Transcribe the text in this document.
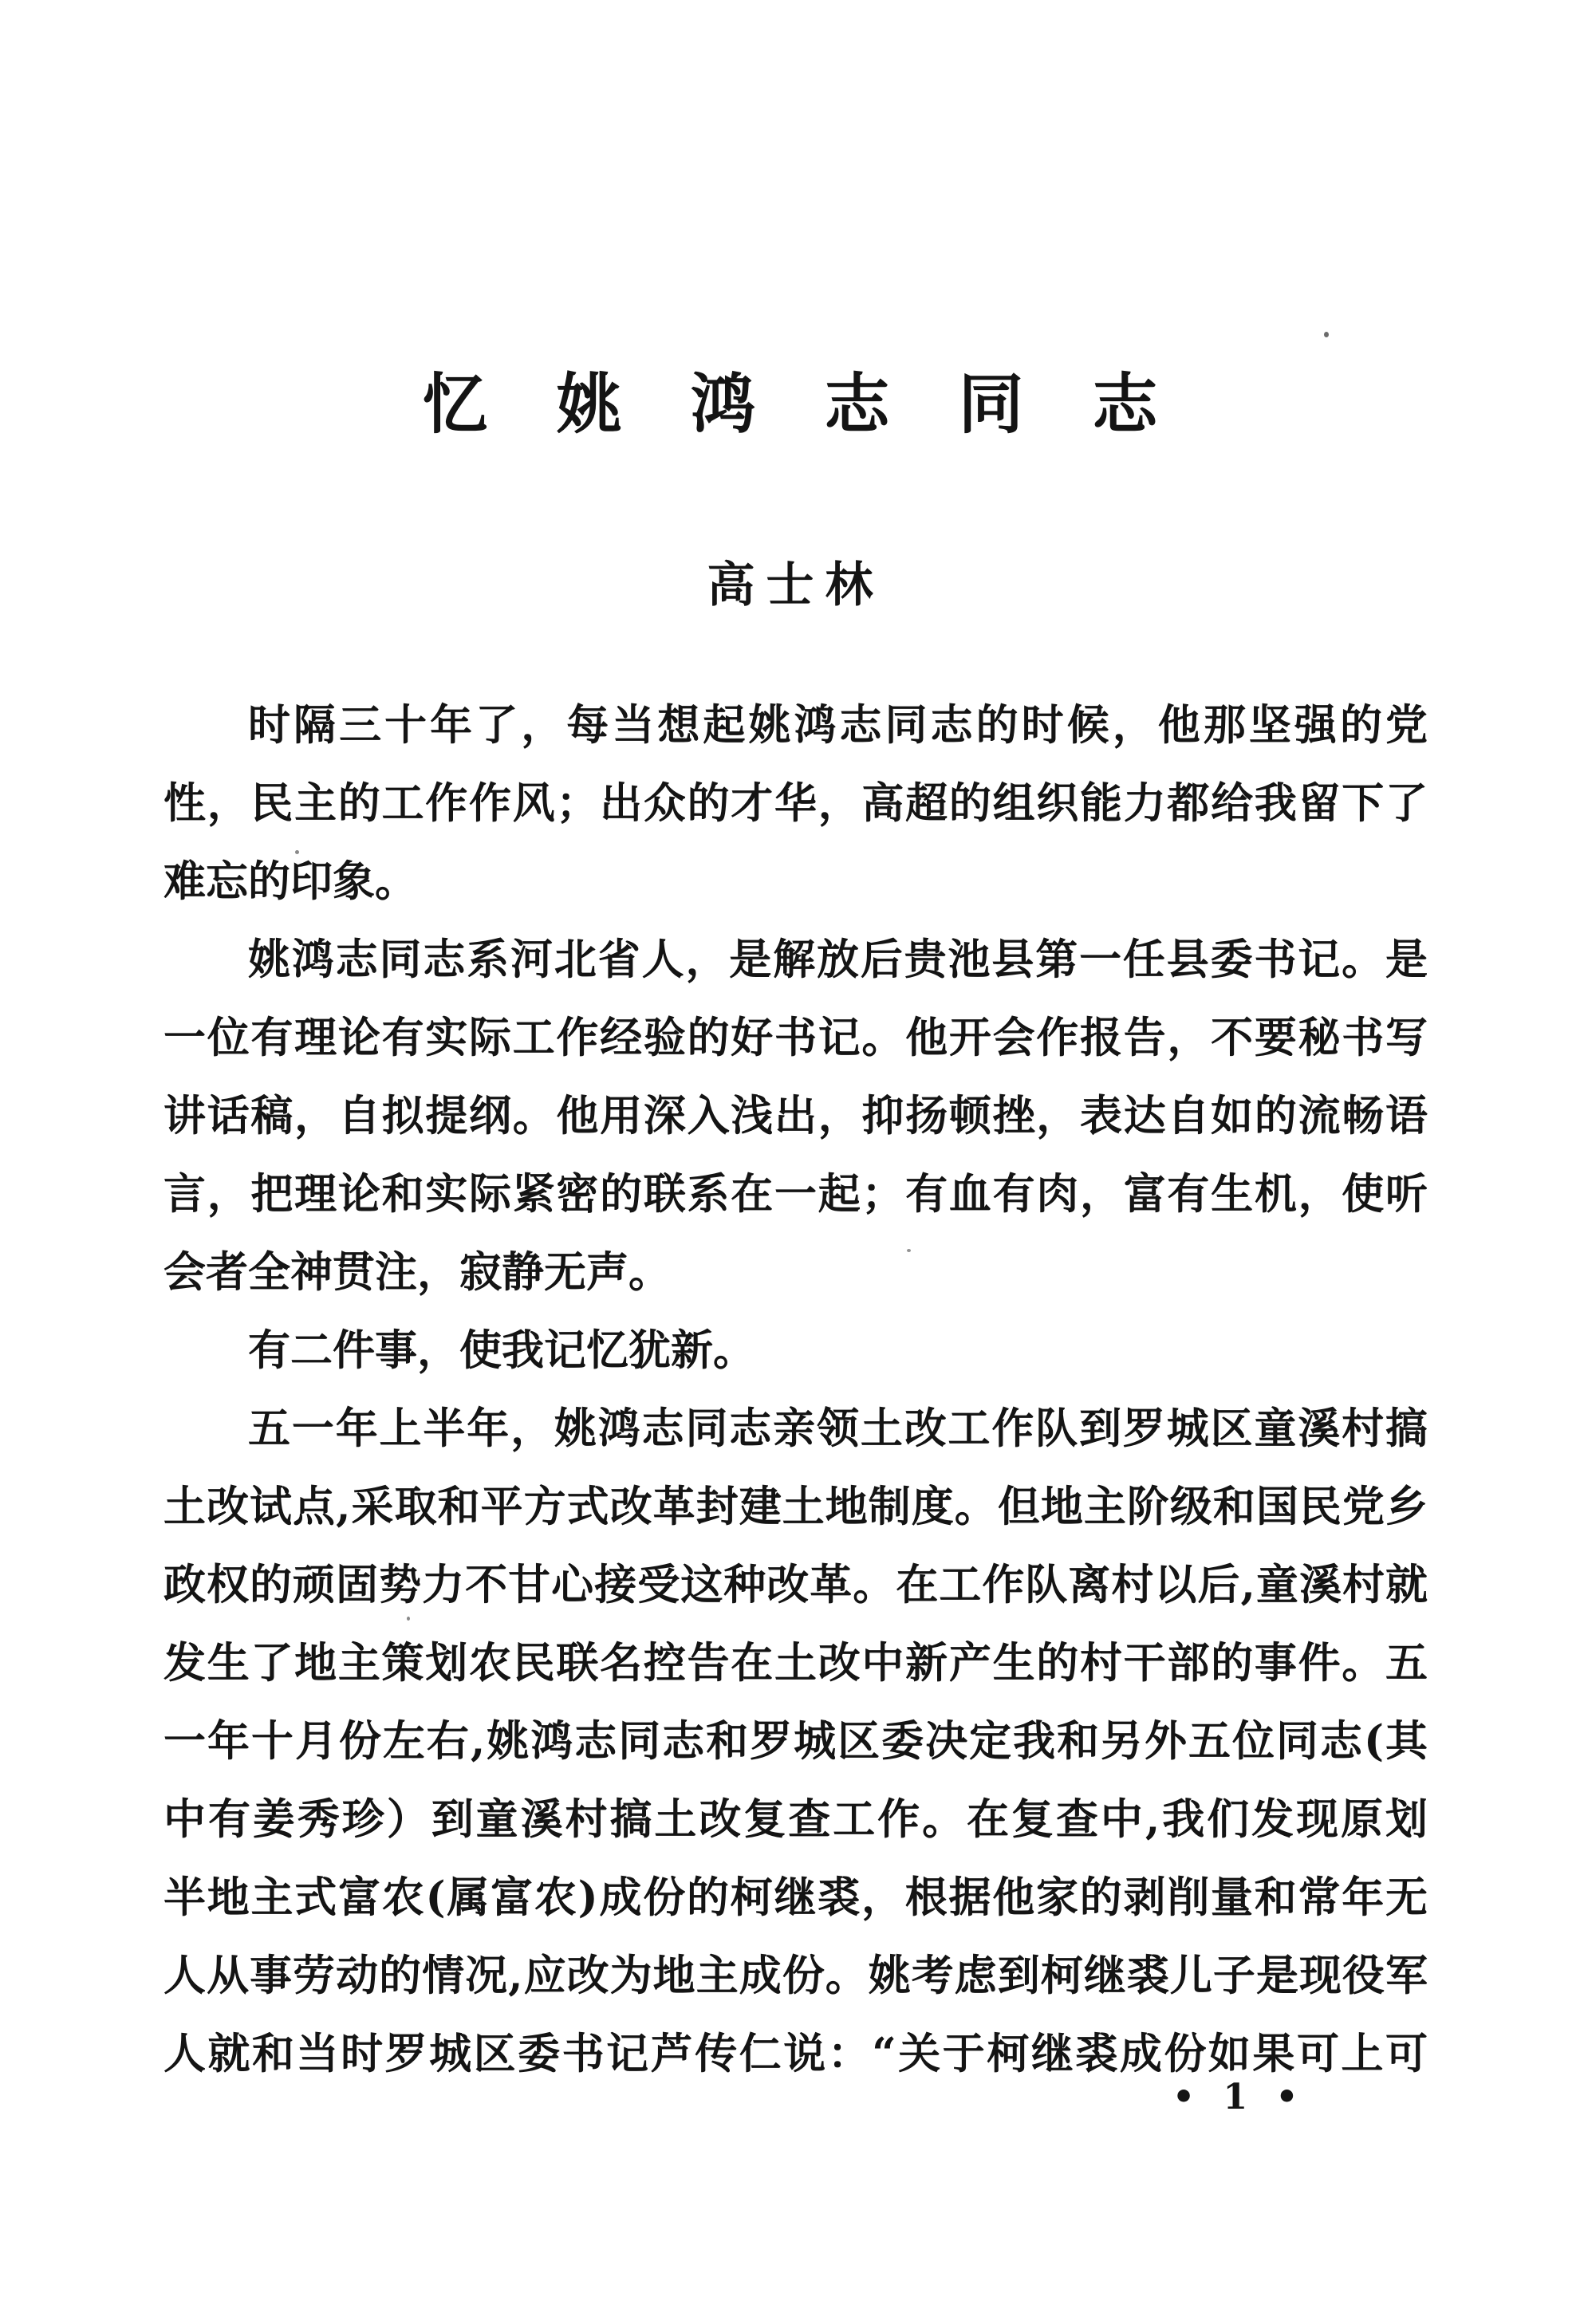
忆姚鸿志同志
高士林
时隔三十年了，每当想起姚鸿志同志的时候，他那坚强的党
性，民主的工作作风；出众的才华，高超的组织能力都给我留下了
难忘的印象。
姚鸿志同志系河北省人，是解放后贵池县第一任县委书记。是
一位有理论有实际工作经验的好书记。他开会作报告，不要秘书写
讲话稿，自拟提纲。他用深入浅出，抑扬顿挫，表达自如的流畅语
言，把理论和实际紧密的联系在一起；有血有肉，富有生机，使听
会者全神贯注，寂静无声。
有二件事，使我记忆犹新。
五一年上半年，姚鸿志同志亲领土改工作队到罗城区童溪村搞
土改试点,采取和平方式改革封建土地制度。但地主阶级和国民党乡
政权的顽固势力不甘心接受这种改革。在工作队离村以后,童溪村就
发生了地主策划农民联名控告在土改中新产生的村干部的事件。五
一年十月份左右,姚鸿志同志和罗城区委决定我和另外五位同志(其
中有姜秀珍）到童溪村搞土改复查工作。在复查中,我们发现原划
半地主式富农(属富农)成份的柯继裘，根据他家的剥削量和常年无
人从事劳动的情况,应改为地主成份。姚考虑到柯继裘儿子是现役军
人就和当时罗城区委书记芦传仁说：“关于柯继裘成份如果可上可
• 1 •
